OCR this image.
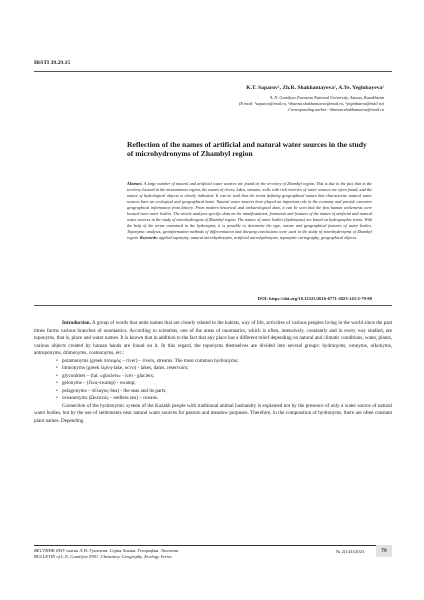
IRSTI 39.29.15
K.T. Saparov¹, Zh.R. Shakhantayeva¹, A.Ye. Yeginbayeva¹
¹L.N. Gumilyov Eurasian National University, Astana, Kazakhstan
(E-mail: ¹saparov@mail.ru, ¹zhanna.shakhantaeva@mail.ru, ¹yeginbaeva@mail.ru)
Corresponding author: ¹zhanna.shakhantaeva@mail.ru
Reflection of the names of artificial and natural water sources in the study of microhydronyms of Zhambyl region
Abstract. A large number of natural and artificial water sources are found on the territory of Zhambyl region. This is due to the fact that in the territory located in the mountainous region, the names of rivers, lakes, streams, wells with rich reserves of water sources are often found, and the nature of hydrological objects is clearly indicated. It can be said that the terms defining geographical names that characterize natural water sources have an ecological and geographical basis. Natural water sources have played an important role in the economy and provide extensive geographical information from history. From modern historical and archaeological data, it can be seen that the first human settlements were located near water bodies. The article analyzes specific data on the manifestations, formation and features of the names of artificial and natural water sources in the study of microhydrogens of Zhambyl region. The names of water bodies (hydronyms) are based on hydrographic terms. With the help of the terms contained in the hydronyms, it is possible to determine the type, nature and geographical features of water bodies. Toponymic analysis, geoinformation methods of differentiation and drawing conclusions were used in the study of microhydronyms of Zhambyl region. Keywords: applied toponymy, natural microhydronyms, artificial microhydronyms, toponymic cartography, geographical objects.
DOI: https://doi.org/10.32523/2616-6771-2023-143-2-79-89

Introduction. A group of words that unite names that are closely related to the habitat, way of life, activities of various peoples living in the world since the past times forms various branches of onomastics. According to scientists, one of the areas of onomastics, which is often, intensively, constantly and in every way studied, are toponyms, that is, place and water names. It is known that in addition to the fact that any place has a different relief depending on natural and climatic conditions, water, plants, various objects created by human hands are found on it. In this regard, the toponyms themselves are divided into several groups: hydronyms, oronyms, oikonyms, antroponyms, drimonyms, cosmonyms, etc.:

• potamonyms (greek ποταμός – river) – rivers, streams. The most common hydronyms;
• limnonyms (greek λίμνη-lake, ocvo) - lakes, dams, reservoirs;
• glyconimes – (lat. «glaciers» - ice) - glaciers;
• gelonyms – (ἕλος-swamp) - swamp;
• pelagonyms – πέλαγος-Sea) - the seas and its parts;
• oceanonyms (Ωκεανός – endless sea) – oceans.

Connection of the hydronymic system of the Kazakh people with traditional animal husbandry is explained not by the presence of only a water source of natural water bodies, but by the use of settlements near natural water sources for pasture and meadow purposes. Therefore, in the composition of hydronyms, there are often constant plant names. Depending

ВЕСТНИК ЕНУ имени Л.Н. Гумилева. Серия Химия. География. Экология
BULLETIN of L.N. Gumilyov ENU. Chemistry. Geography. Ecology Series
№ 2(143)/2023	79
